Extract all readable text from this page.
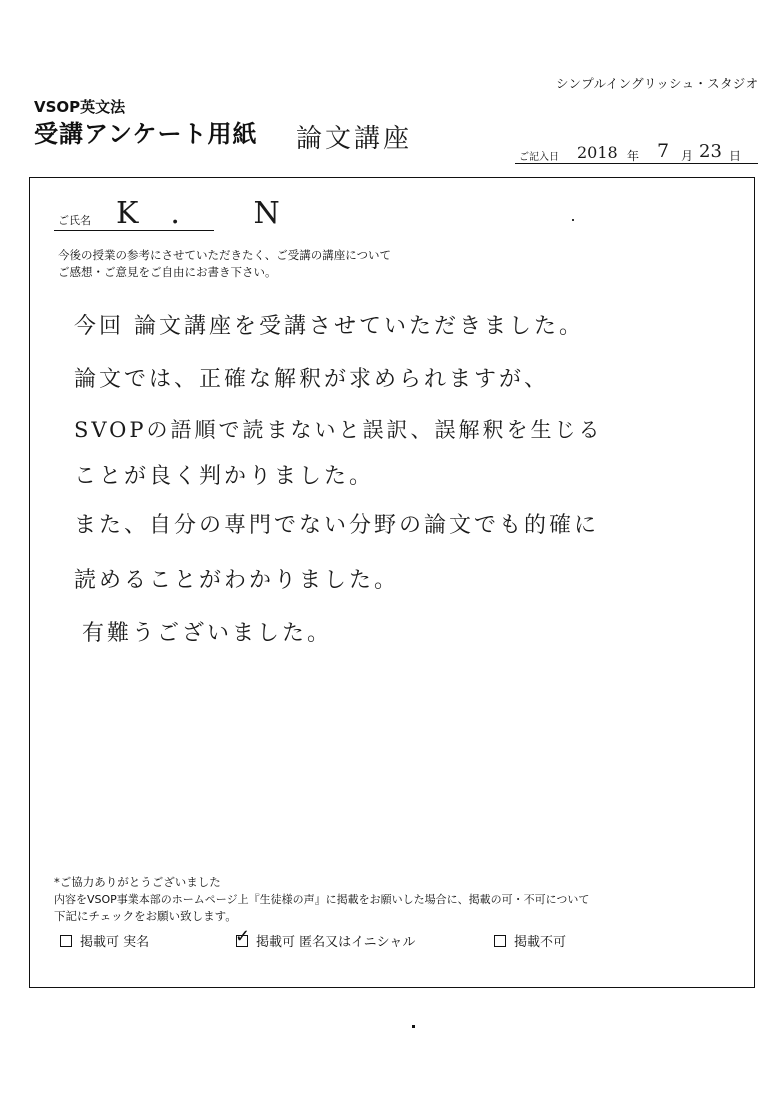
シンプルイングリッシュ・スタジオ
VSOP英文法
受講アンケート用紙 論文講座
ご記入日 2018 年 7 月 23 日
ご氏名 K. N
今後の授業の参考にさせていただきたく、ご受講の講座について
ご感想・ご意見をご自由にお書き下さい。
今回 論文講座を受講させていただきました。
論文では、正確な解釈が求められますが、
SVOPの語順で読まないと誤訳、誤解釈を生じる
ことが良く判かりました。
また、自分の専門でない分野の論文でも的確に
読めることがわかりました。
有難うございました。
*ご協力ありがとうございました
内容をVSOP事業本部のホームページ上『生徒様の声』に掲載をお願いした場合に、掲載の可・不可について
下記にチェックをお願い致します。
掲載可 実名	✓ 掲載可 匿名又はイニシャル	掲載不可
